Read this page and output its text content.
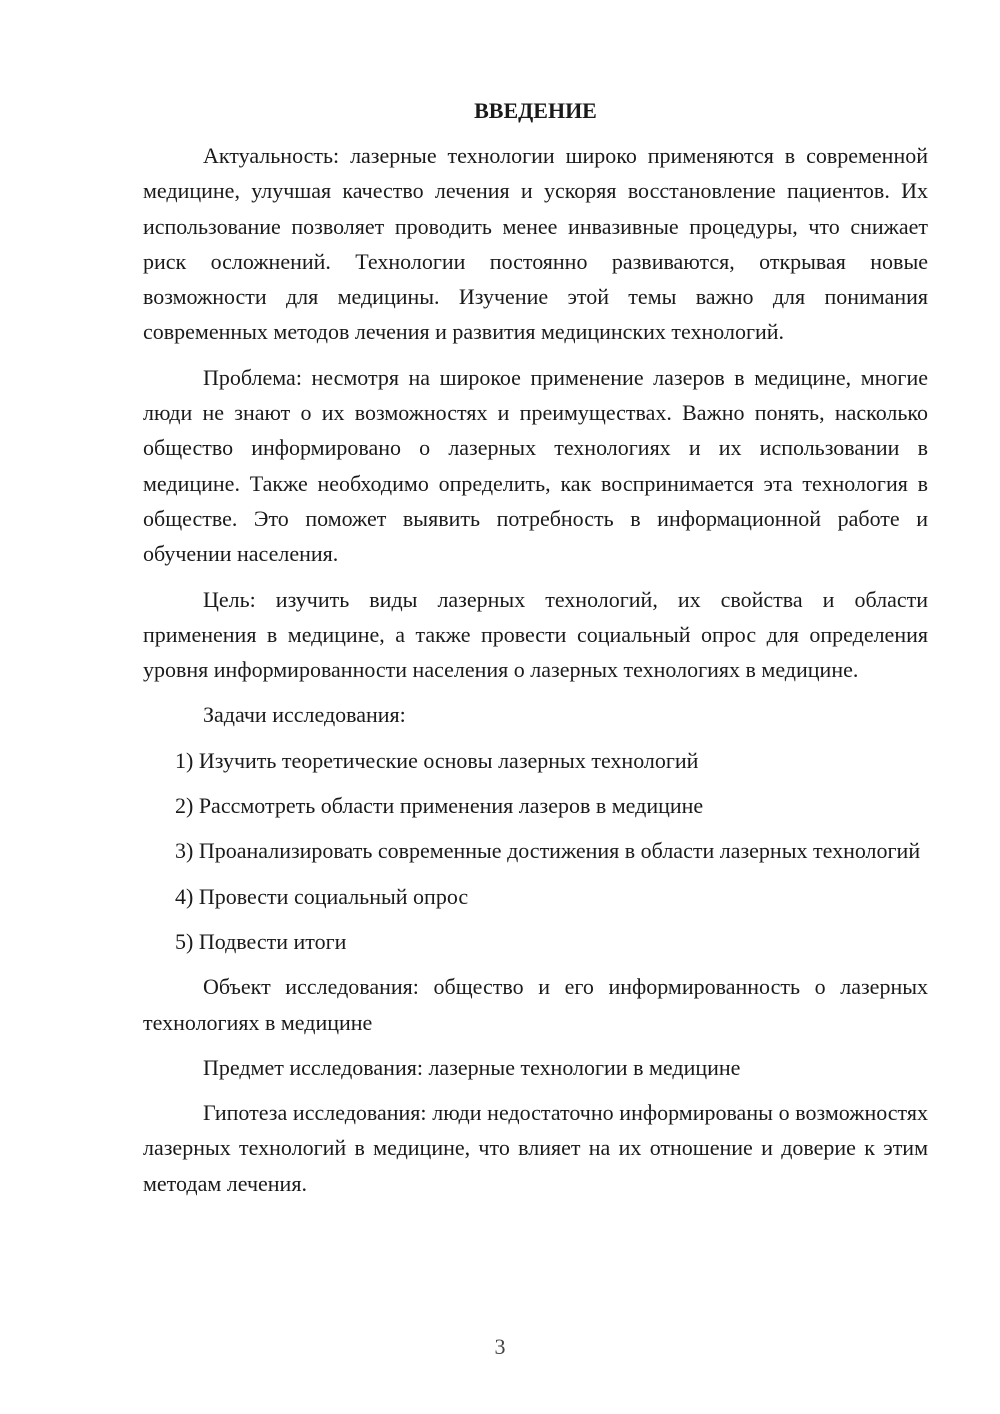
ВВЕДЕНИЕ

Актуальность: лазерные технологии широко применяются в современной медицине, улучшая качество лечения и ускоряя восстановление пациентов. Их использование позволяет проводить менее инвазивные процедуры, что снижает риск осложнений. Технологии постоянно развиваются, открывая новые возможности для медицины. Изучение этой темы важно для понимания современных методов лечения и развития медицинских технологий.

Проблема: несмотря на широкое применение лазеров в медицине, многие люди не знают о их возможностях и преимуществах. Важно понять, насколько общество информировано о лазерных технологиях и их использовании в медицине. Также необходимо определить, как воспринимается эта технология в обществе. Это поможет выявить потребность в информационной работе и обучении населения.

Цель: изучить виды лазерных технологий, их свойства и области применения в медицине, а также провести социальный опрос для определения уровня информированности населения о лазерных технологиях в медицине.

Задачи исследования:

1) Изучить теоретические основы лазерных технологий

2) Рассмотреть области применения лазеров в медицине

3) Проанализировать современные достижения в области лазерных технологий

4) Провести социальный опрос

5) Подвести итоги

Объект исследования: общество и его информированность о лазерных технологиях в медицине

Предмет исследования: лазерные технологии в медицине

Гипотеза исследования: люди недостаточно информированы о возможностях лазерных технологий в медицине, что влияет на их отношение и доверие к этим методам лечения.

3
